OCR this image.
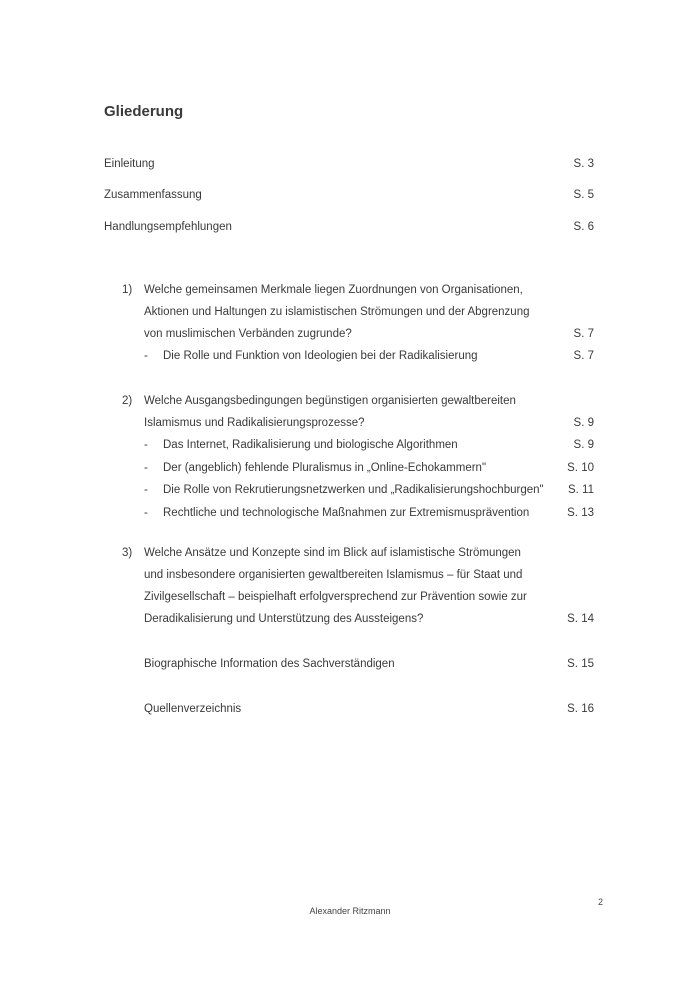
Gliederung
Einleitung	S. 3
Zusammenfassung	S. 5
Handlungsempfehlungen	S. 6
1) Welche gemeinsamen Merkmale liegen Zuordnungen von Organisationen,
Aktionen und Haltungen zu islamistischen Strömungen und der Abgrenzung
von muslimischen Verbänden zugrunde?	S. 7
- Die Rolle und Funktion von Ideologien bei der Radikalisierung	S. 7
2) Welche Ausgangsbedingungen begünstigen organisierten gewaltbereiten
Islamismus und Radikalisierungsprozesse?	S. 9
- Das Internet, Radikalisierung und biologische Algorithmen	S. 9
- Der (angeblich) fehlende Pluralismus in „Online-Echokammern"	S. 10
- Die Rolle von Rekrutierungsnetzwerken und „Radikalisierungshochburgen" S. 11
- Rechtliche und technologische Maßnahmen zur Extremismusprävention	S. 13
3) Welche Ansätze und Konzepte sind im Blick auf islamistische Strömungen
und insbesondere organisierten gewaltbereiten Islamismus – für Staat und
Zivilgesellschaft – beispielhaft erfolgversprechend zur Prävention sowie zur
Deradikalisierung und Unterstützung des Aussteigens?	S. 14
Biographische Information des Sachverständigen	S. 15
Quellenverzeichnis	S. 16
2
Alexander Ritzmann
